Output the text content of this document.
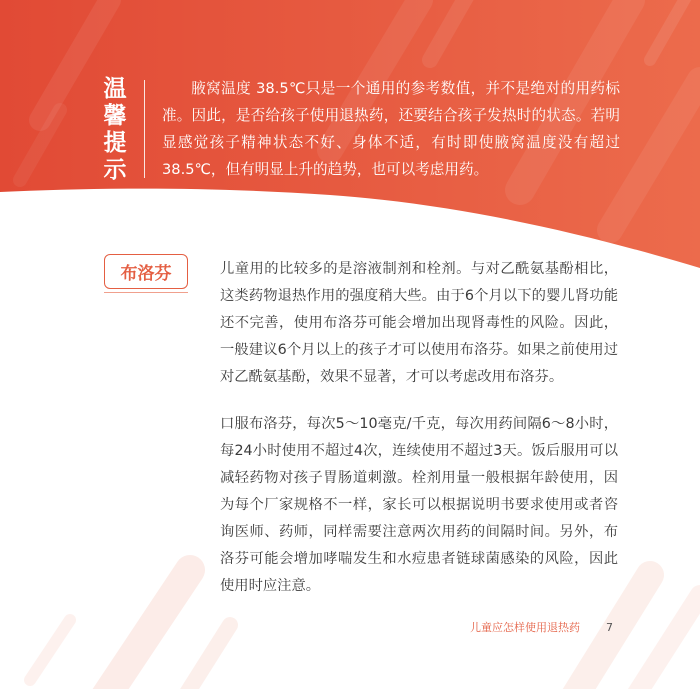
温
馨
提
示

腋窝温度 38.5℃只是一个通用的参考数值，并不是绝对的用药标准。因此，是否给孩子使用退热药，还要结合孩子发热时的状态。若明显感觉孩子精神状态不好、身体不适，有时即使腋窝温度没有超过 38.5℃，但有明显上升的趋势，也可以考虑用药。

布洛芬	儿童用的比较多的是溶液制剂和栓剂。与对乙酰氨基酚相比，这类药物退热作用的强度稍大些。由于6个月以下的婴儿肾功能还不完善，使用布洛芬可能会增加出现肾毒性的风险。因此，一般建议6个月以上的孩子才可以使用布洛芬。如果之前使用过对乙酰氨基酚，效果不显著，才可以考虑改用布洛芬。

口服布洛芬，每次5～10毫克/千克，每次用药间隔6～8小时，每24小时使用不超过4次，连续使用不超过3天。饭后服用可以减轻药物对孩子胃肠道刺激。栓剂用量一般根据年龄使用，因为每个厂家规格不一样，家长可以根据说明书要求使用或者咨询医师、药师，同样需要注意两次用药的间隔时间。另外，布洛芬可能会增加哮喘发生和水痘患者链球菌感染的风险，因此使用时应注意。

儿童应怎样使用退热药 7
